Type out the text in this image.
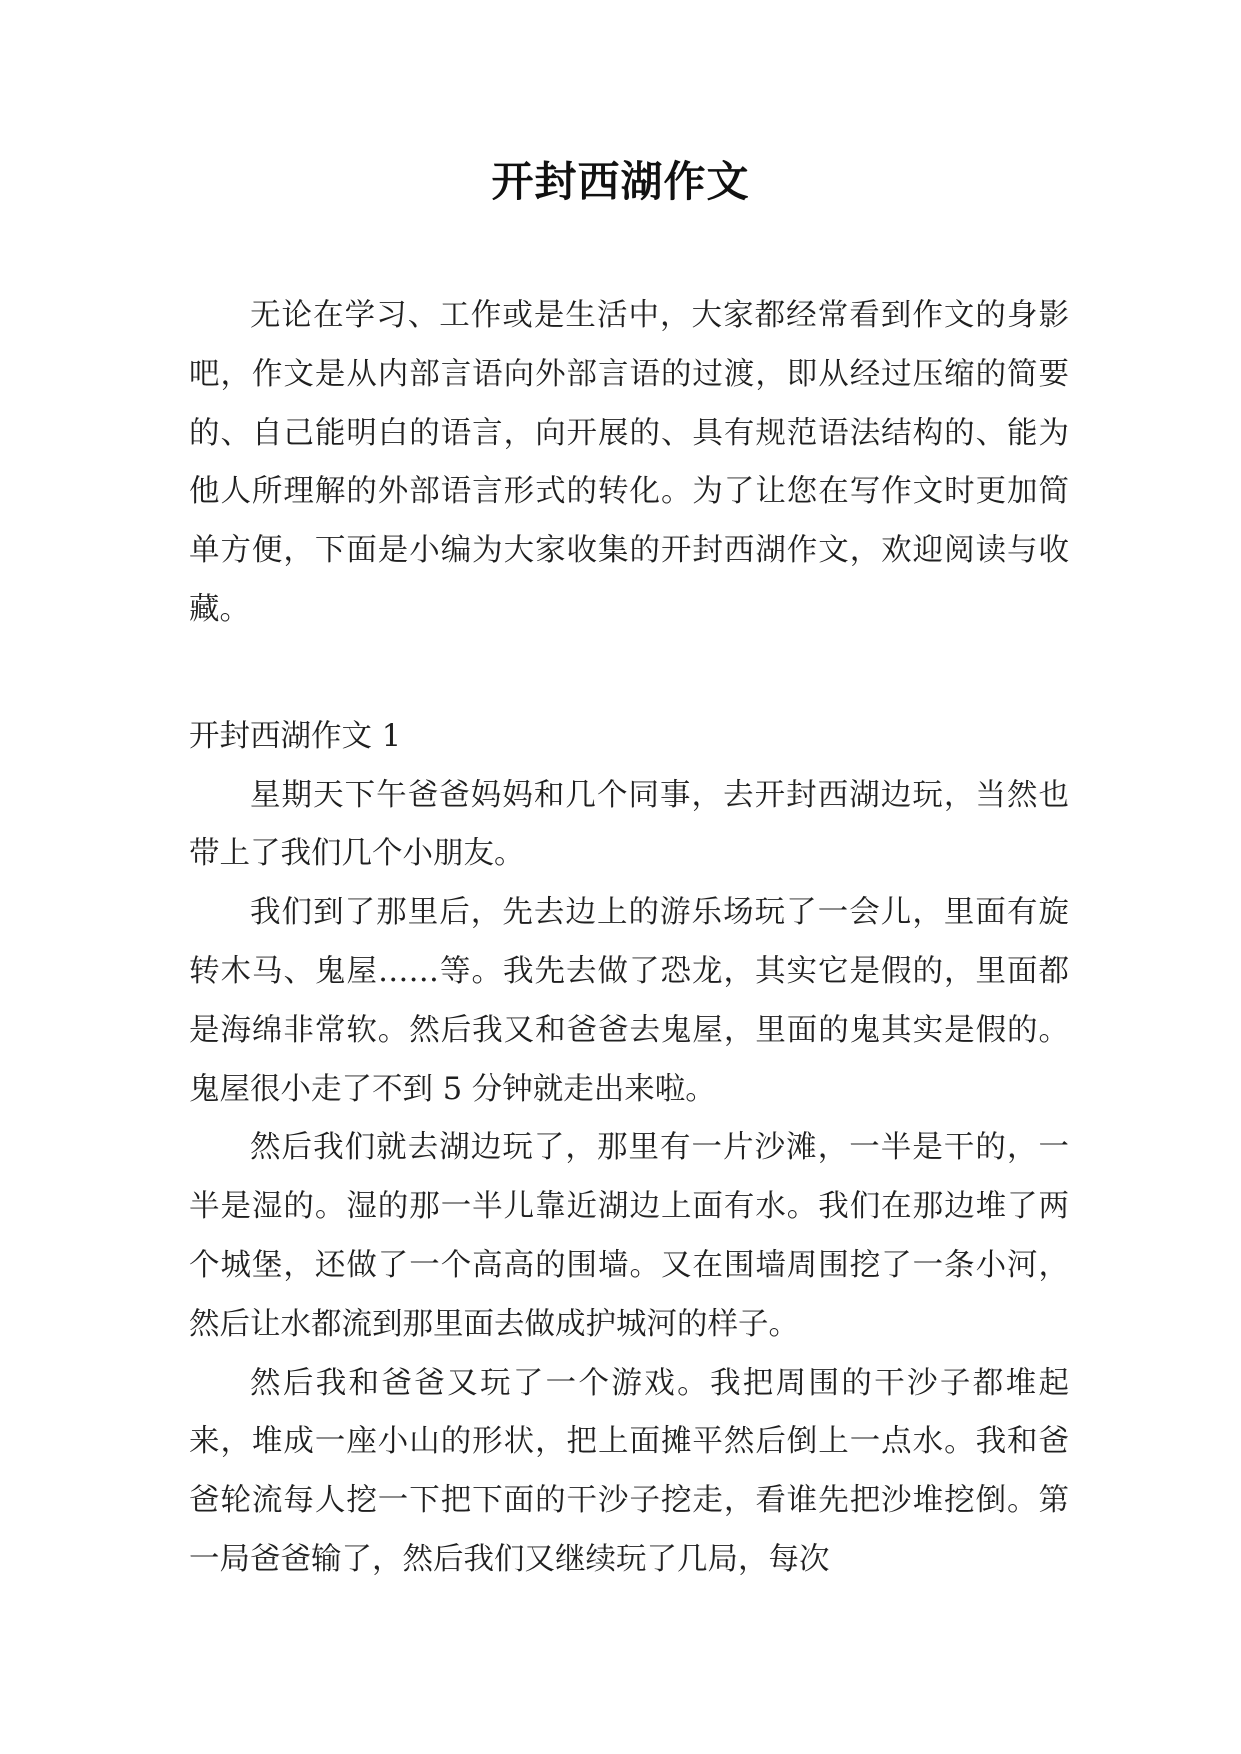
开封西湖作文

无论在学习、工作或是生活中，大家都经常看到作文的身影吧，作文是从内部言语向外部言语的过渡，即从经过压缩的简要的、自己能明白的语言，向开展的、具有规范语法结构的、能为他人所理解的外部语言形式的转化。为了让您在写作文时更加简单方便，下面是小编为大家收集的开封西湖作文，欢迎阅读与收藏。

开封西湖作文 1

星期天下午爸爸妈妈和几个同事，去开封西湖边玩，当然也带上了我们几个小朋友。

我们到了那里后，先去边上的游乐场玩了一会儿，里面有旋转木马、鬼屋……等。我先去做了恐龙，其实它是假的，里面都是海绵非常软。然后我又和爸爸去鬼屋，里面的鬼其实是假的。鬼屋很小走了不到 5 分钟就走出来啦。

然后我们就去湖边玩了，那里有一片沙滩，一半是干的，一半是湿的。湿的那一半儿靠近湖边上面有水。我们在那边堆了两个城堡，还做了一个高高的围墙。又在围墙周围挖了一条小河，然后让水都流到那里面去做成护城河的样子。

然后我和爸爸又玩了一个游戏。我把周围的干沙子都堆起来，堆成一座小山的形状，把上面摊平然后倒上一点水。我和爸爸轮流每人挖一下把下面的干沙子挖走，看谁先把沙堆挖倒。第一局爸爸输了，然后我们又继续玩了几局，每次
